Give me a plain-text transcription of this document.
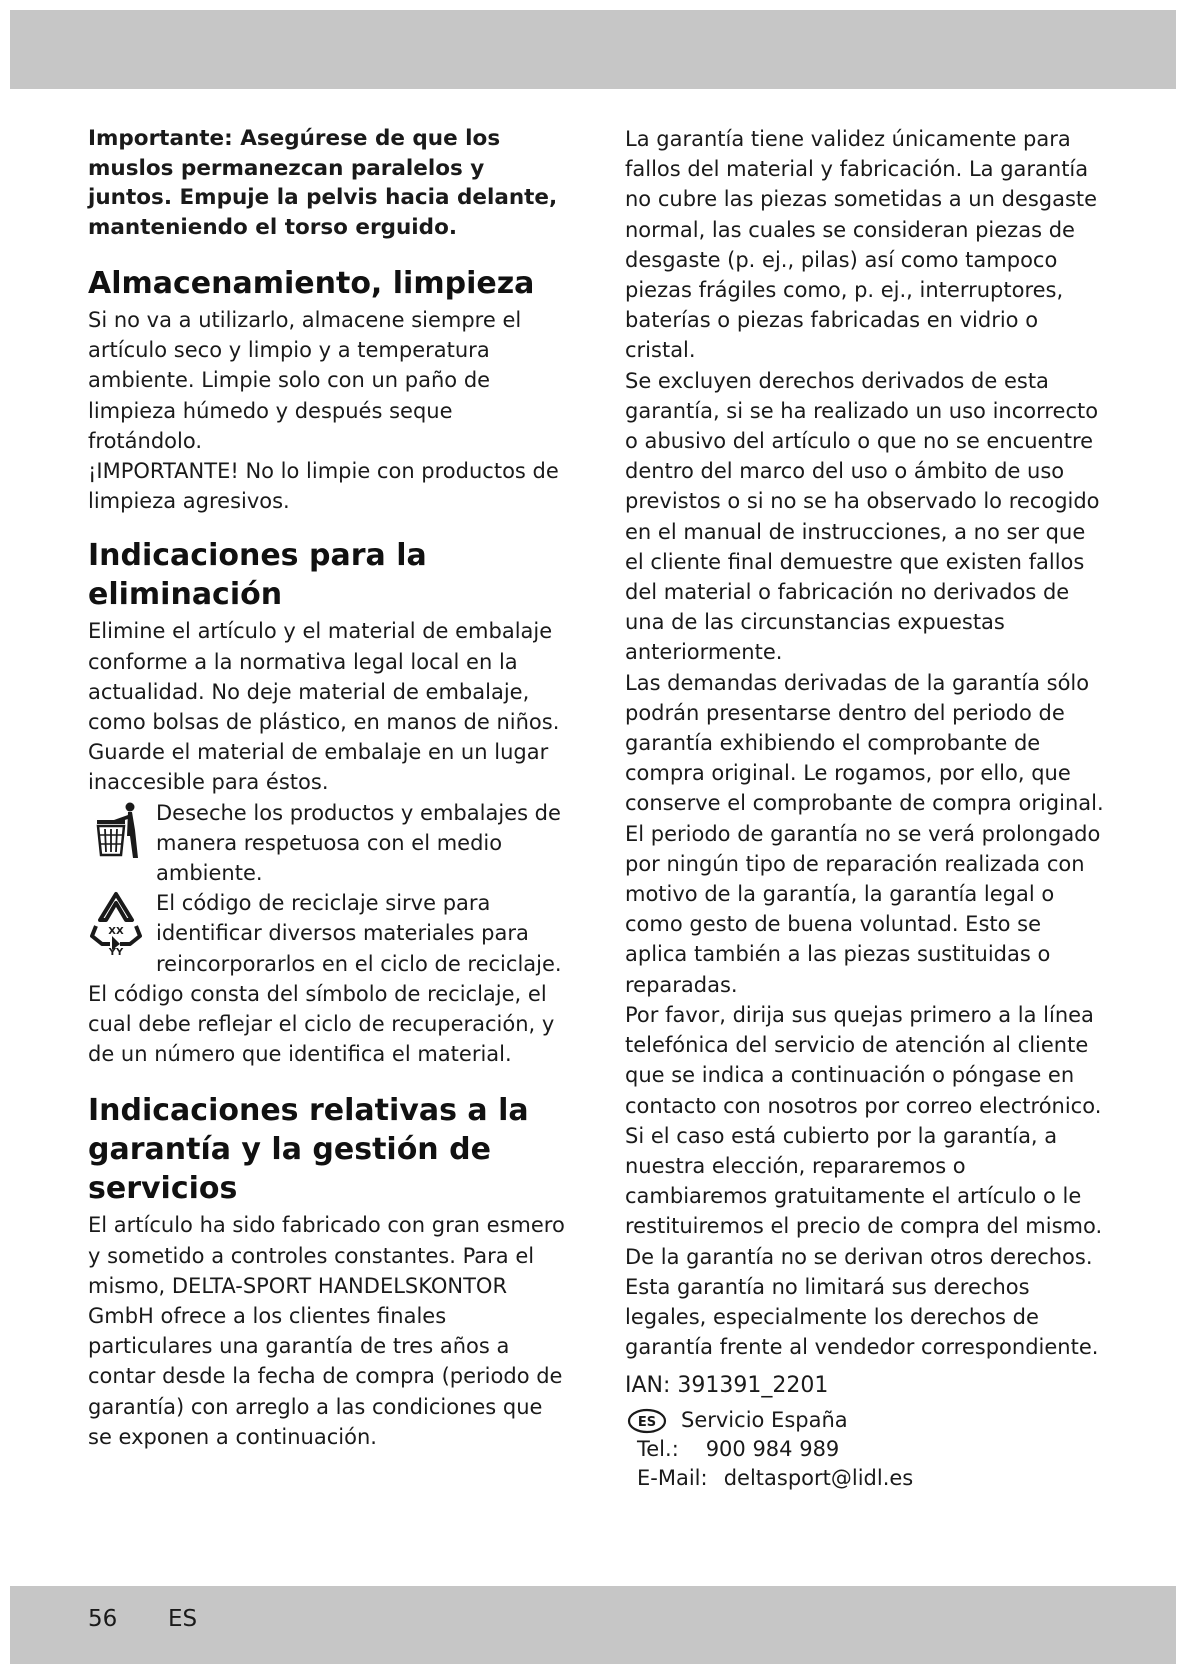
Importante: Asegúrese de que los muslos permanezcan paralelos y juntos. Empuje la pelvis hacia delante, manteniendo el torso erguido.

Almacenamiento, limpieza

Si no va a utilizarlo, almacene siempre el artículo seco y limpio y a temperatura ambiente. Limpie solo con un paño de limpieza húmedo y después seque frotándolo.

¡IMPORTANTE! No lo limpie con productos de limpieza agresivos.

Indicaciones para la eliminación

Elimine el artículo y el material de embalaje conforme a la normativa legal local en la actualidad. No deje material de embalaje, como bolsas de plástico, en manos de niños. Guarde el material de embalaje en un lugar inaccesible para éstos.

Deseche los productos y embalajes de manera respetuosa con el medio ambiente.

XX
YY

El código de reciclaje sirve para identificar diversos materiales para reincorporarlos en el ciclo de reciclaje.

El código consta del símbolo de reciclaje, el cual debe reflejar el ciclo de recuperación, y de un número que identifica el material.

Indicaciones relativas a la garantía y la gestión de servicios

El artículo ha sido fabricado con gran esmero y sometido a controles constantes. Para el mismo, DELTA-SPORT HANDELSKONTOR GmbH ofrece a los clientes finales particulares una garantía de tres años a contar desde la fecha de compra (periodo de garantía) con arreglo a las condiciones que se exponen a continuación.

La garantía tiene validez únicamente para fallos del material y fabricación. La garantía no cubre las piezas sometidas a un desgaste normal, las cuales se consideran piezas de desgaste (p. ej., pilas) así como tampoco piezas frágiles como, p. ej., interruptores, baterías o piezas fabricadas en vidrio o cristal.

Se excluyen derechos derivados de esta garantía, si se ha realizado un uso incorrecto o abusivo del artículo o que no se encuentre dentro del marco del uso o ámbito de uso previstos o si no se ha observado lo recogido en el manual de instrucciones, a no ser que el cliente final demuestre que existen fallos del material o fabricación no derivados de una de las circunstancias expuestas anteriormente.

Las demandas derivadas de la garantía sólo podrán presentarse dentro del periodo de garantía exhibiendo el comprobante de compra original. Le rogamos, por ello, que conserve el comprobante de compra original. El periodo de garantía no se verá prolongado por ningún tipo de reparación realizada con motivo de la garantía, la garantía legal o como gesto de buena voluntad. Esto se aplica también a las piezas sustituidas o reparadas.

Por favor, dirija sus quejas primero a la línea telefónica del servicio de atención al cliente que se indica a continuación o póngase en contacto con nosotros por correo electrónico. Si el caso está cubierto por la garantía, a nuestra elección, repararemos o cambiaremos gratuitamente el artículo o le restituiremos el precio de compra del mismo. De la garantía no se derivan otros derechos.

Esta garantía no limitará sus derechos legales, especialmente los derechos de garantía frente al vendedor correspondiente.

IAN: 391391_2201
ES Servicio España
Tel.: 900 984 989
E-Mail: deltasport@lidl.es
56 ES
